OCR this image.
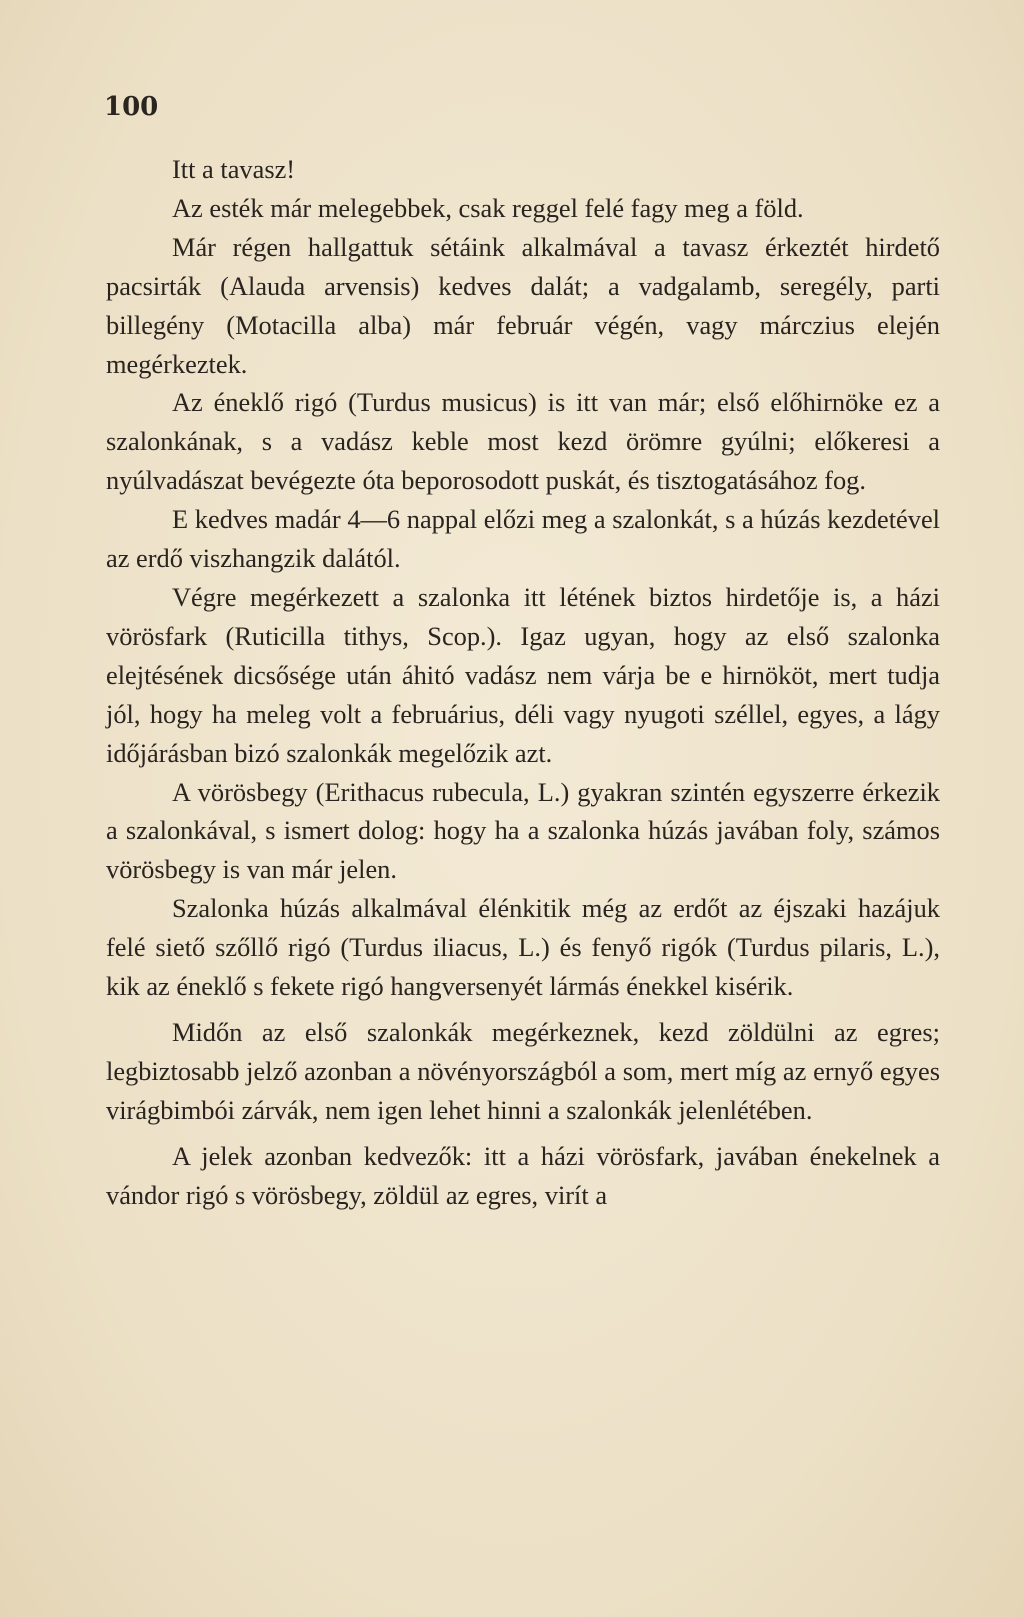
100

Itt a tavasz!

Az esték már melegebbek, csak reggel felé fagy meg a föld.

Már régen hallgattuk sétáink alkalmával a tavasz érkeztét hirdető pacsirták (Alauda arvensis) kedves dalát; a vadgalamb, seregély, parti billegény (Motacilla alba) már február végén, vagy márczius elején megérkeztek.

Az éneklő rigó (Turdus musicus) is itt van már; első előhirnöke ez a szalonkának, s a vadász keble most kezd örömre gyúlni; előkeresi a nyúlvadászat bevégezte óta beporosodott puskát, és tisztogatásához fog.

E kedves madár 4—6 nappal előzi meg a szalonkát, s a húzás kezdetével az erdő viszhangzik dalától.

Végre megérkezett a szalonka itt létének biztos hirdetője is, a házi vörösfark (Ruticilla tithys, Scop.). Igaz ugyan, hogy az első szalonka elejtésének dicsősége után áhitó vadász nem várja be e hirnököt, mert tudja jól, hogy ha meleg volt a februárius, déli vagy nyugoti széllel, egyes, a lágy időjárásban bizó szalonkák megelőzik azt.

A vörösbegy (Erithacus rubecula, L.) gyakran szintén egyszerre érkezik a szalonkával, s ismert dolog: hogy ha a szalonka húzás javában foly, számos vörösbegy is van már jelen.

Szalonka húzás alkalmával élénkitik még az erdőt az éjszaki hazájuk felé siető szőllő rigó (Turdus iliacus, L.) és fenyő rigók (Turdus pilaris, L.), kik az éneklő s fekete rigó hangversenyét lármás énekkel kisérik.

Midőn az első szalonkák megérkeznek, kezd zöldülni az egres; legbiztosabb jelző azonban a növényországból a som, mert míg az ernyő egyes virágbimbói zárvák, nem igen lehet hinni a szalonkák jelenlétében.

A jelek azonban kedvezők: itt a házi vörösfark, javában énekelnek a vándor rigó s vörösbegy, zöldül az egres, virít a
